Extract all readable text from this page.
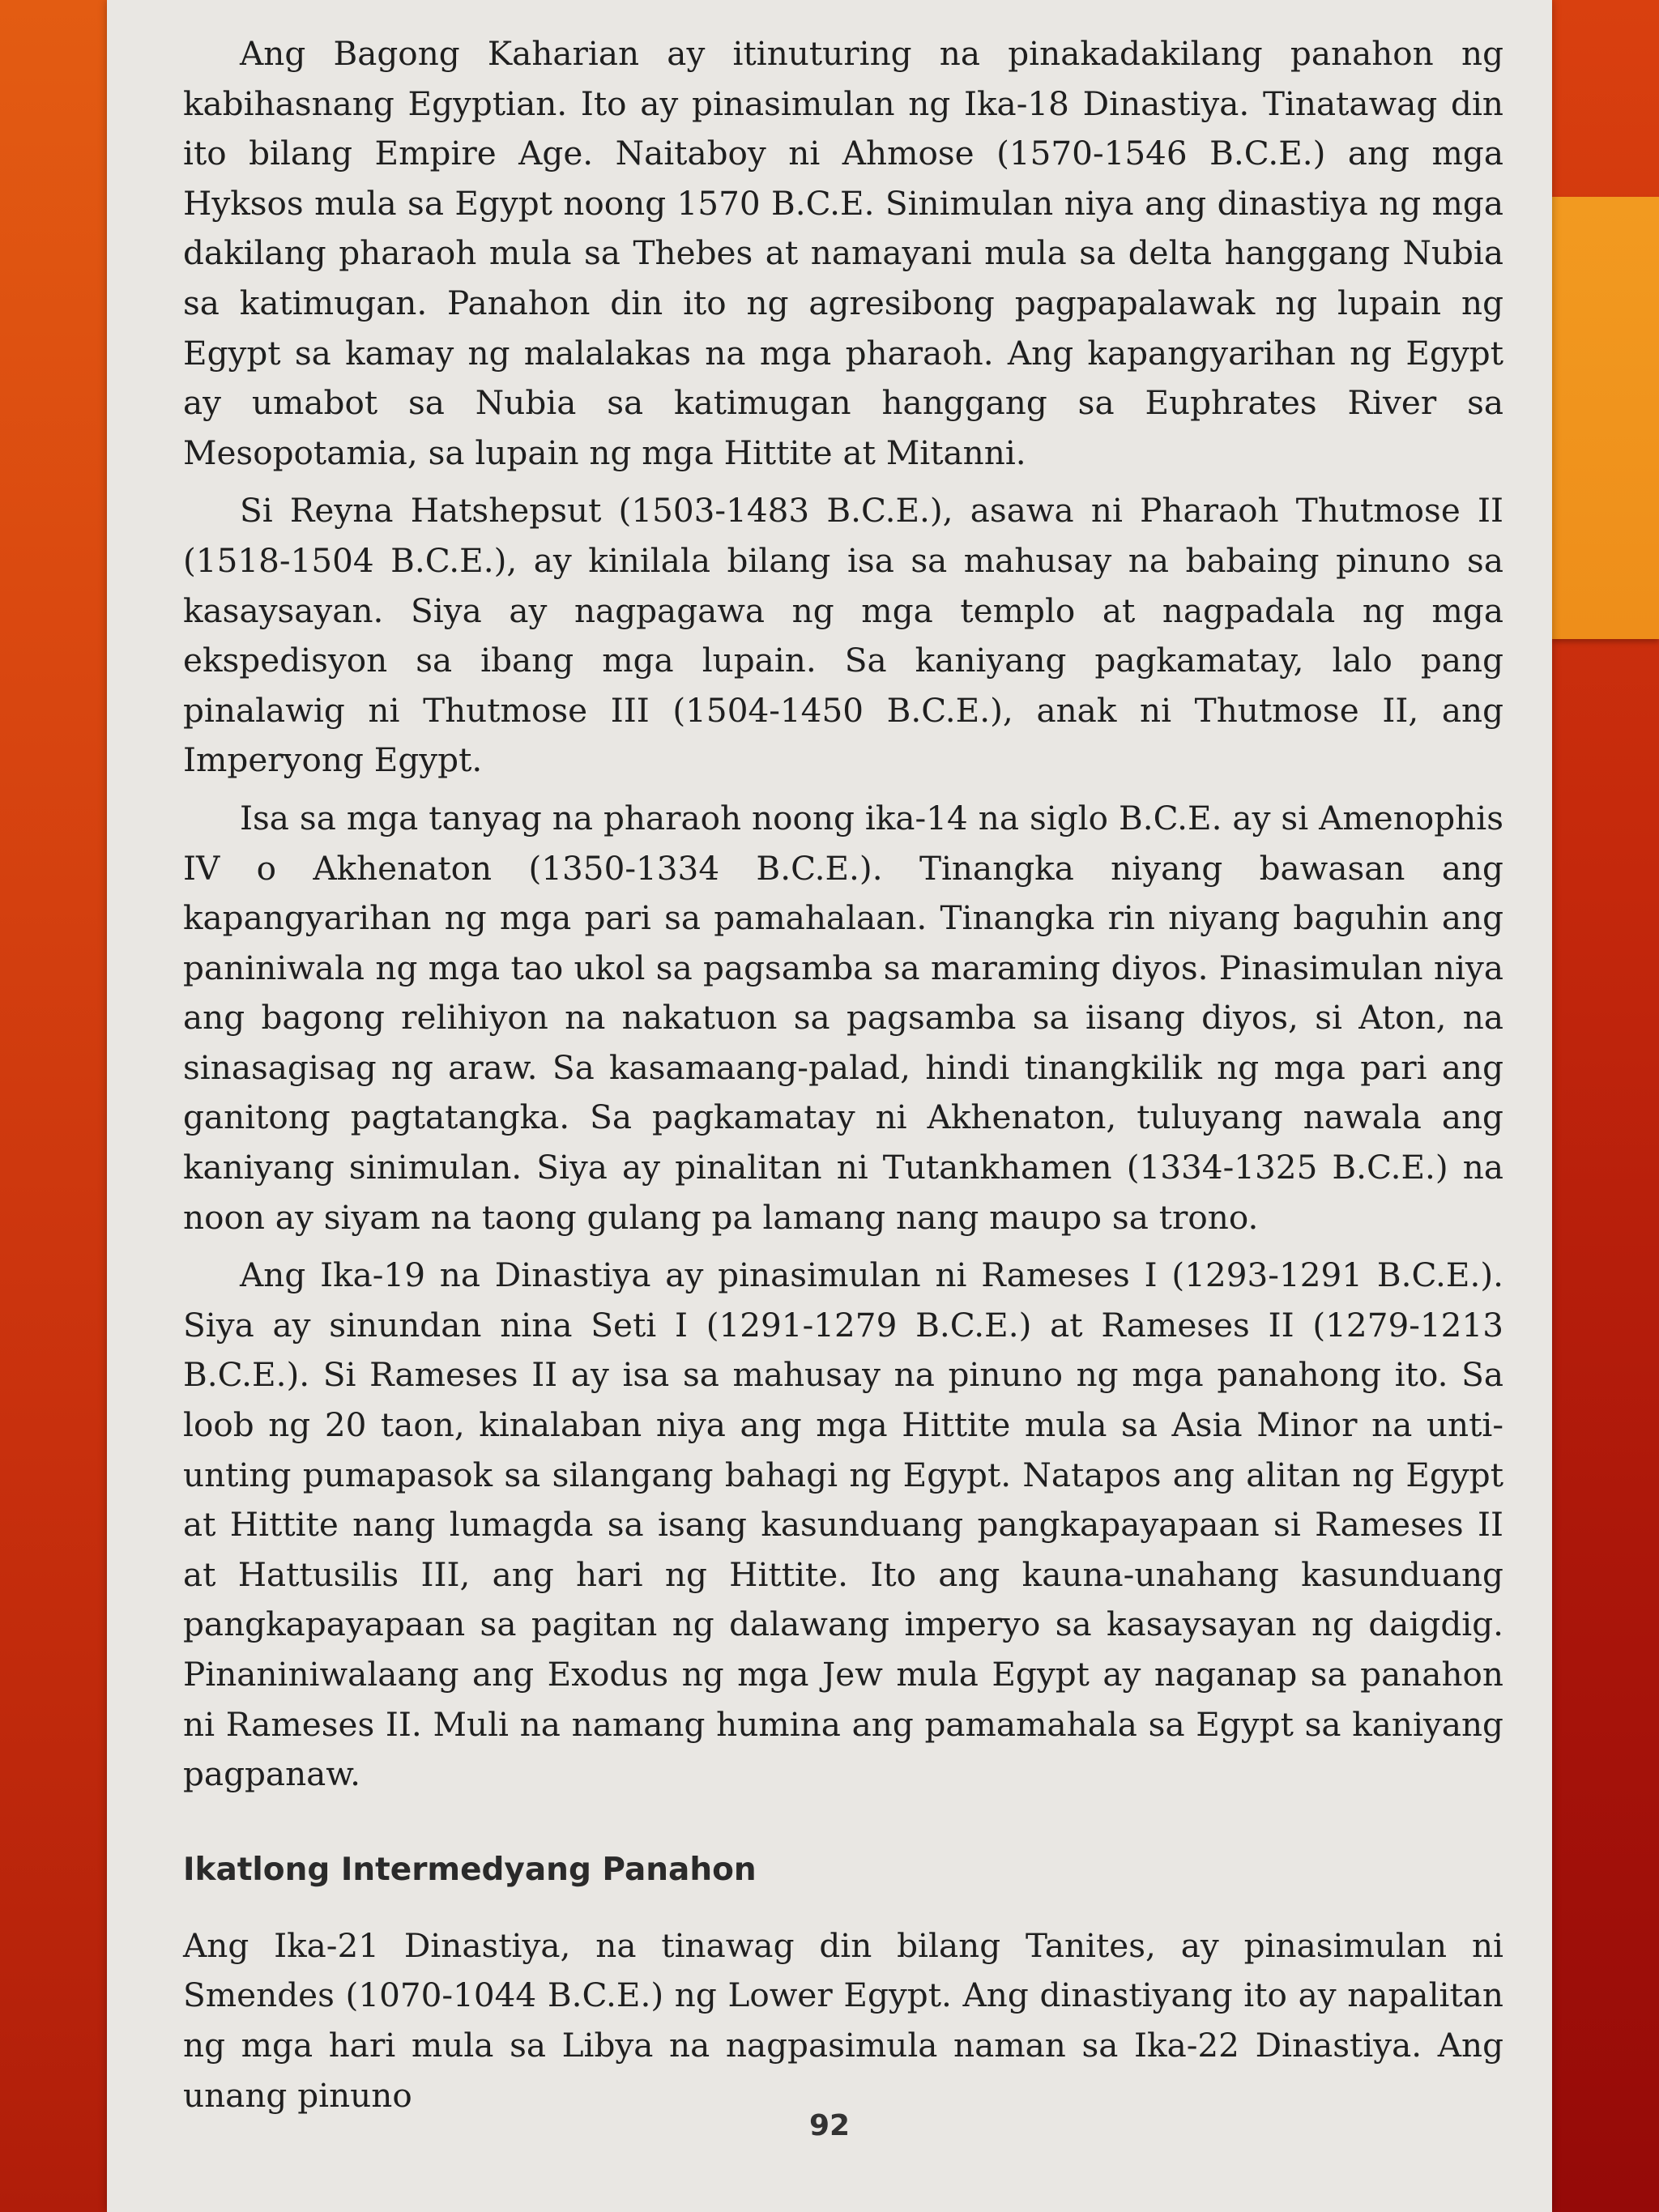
Ang Bagong Kaharian ay itinuturing na pinakadakilang panahon ng kabihasnang Egyptian. Ito ay pinasimulan ng Ika-18 Dinastiya. Tinatawag din ito bilang Empire Age. Naitaboy ni Ahmose (1570-1546 B.C.E.) ang mga Hyksos mula sa Egypt noong 1570 B.C.E. Sinimulan niya ang dinastiya ng mga dakilang pharaoh mula sa Thebes at namayani mula sa delta hanggang Nubia sa katimugan. Panahon din ito ng agresibong pagpapalawak ng lupain ng Egypt sa kamay ng malalakas na mga pharaoh. Ang kapangyarihan ng Egypt ay umabot sa Nubia sa katimugan hanggang sa Euphrates River sa Mesopotamia, sa lupain ng mga Hittite at Mitanni.

Si Reyna Hatshepsut (1503-1483 B.C.E.), asawa ni Pharaoh Thutmose II (1518-1504 B.C.E.), ay kinilala bilang isa sa mahusay na babaing pinuno sa kasaysayan. Siya ay nagpagawa ng mga templo at nagpadala ng mga ekspedisyon sa ibang mga lupain. Sa kaniyang pagkamatay, lalo pang pinalawig ni Thutmose III (1504-1450 B.C.E.), anak ni Thutmose II, ang Imperyong Egypt.

Isa sa mga tanyag na pharaoh noong ika-14 na siglo B.C.E. ay si Amenophis IV o Akhenaton (1350-1334 B.C.E.). Tinangka niyang bawasan ang kapangyarihan ng mga pari sa pamahalaan. Tinangka rin niyang baguhin ang paniniwala ng mga tao ukol sa pagsamba sa maraming diyos. Pinasimulan niya ang bagong relihiyon na nakatuon sa pagsamba sa iisang diyos, si Aton, na sinasagisag ng araw. Sa kasamaang-palad, hindi tinangkilik ng mga pari ang ganitong pagtatangka. Sa pagkamatay ni Akhenaton, tuluyang nawala ang kaniyang sinimulan. Siya ay pinalitan ni Tutankhamen (1334-1325 B.C.E.) na noon ay siyam na taong gulang pa lamang nang maupo sa trono.

Ang Ika-19 na Dinastiya ay pinasimulan ni Rameses I (1293-1291 B.C.E.). Siya ay sinundan nina Seti I (1291-1279 B.C.E.) at Rameses II (1279-1213 B.C.E.). Si Rameses II ay isa sa mahusay na pinuno ng mga panahong ito. Sa loob ng 20 taon, kinalaban niya ang mga Hittite mula sa Asia Minor na unti-unting pumapasok sa silangang bahagi ng Egypt. Natapos ang alitan ng Egypt at Hittite nang lumagda sa isang kasunduang pangkapayapaan si Rameses II at Hattusilis III, ang hari ng Hittite. Ito ang kauna-unahang kasunduang pangkapayapaan sa pagitan ng dalawang imperyo sa kasaysayan ng daigdig. Pinaniniwalaang ang Exodus ng mga Jew mula Egypt ay naganap sa panahon ni Rameses II. Muli na namang humina ang pamamahala sa Egypt sa kaniyang pagpanaw.

Ikatlong Intermedyang Panahon

Ang Ika-21 Dinastiya, na tinawag din bilang Tanites, ay pinasimulan ni Smendes (1070-1044 B.C.E.) ng Lower Egypt. Ang dinastiyang ito ay napalitan ng mga hari mula sa Libya na nagpasimula naman sa Ika-22 Dinastiya. Ang unang pinuno

92
